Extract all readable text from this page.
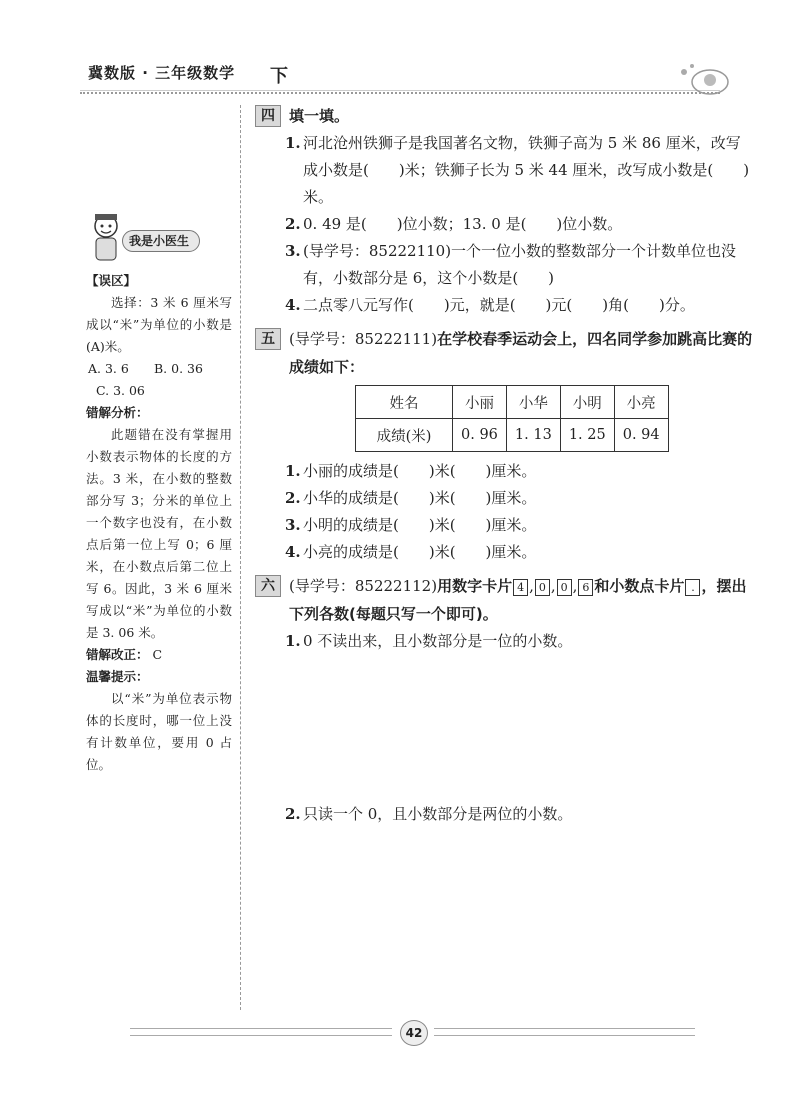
冀数版 · 三年级数学 下
我是小医生
【误区】
选择：3 米 6 厘米写成以“米”为单位的小数是(A)米。
A. 3. 6 B. 0. 36
C. 3. 06
错解分析：
此题错在没有掌握用小数表示物体的长度的方法。3 米，在小数的整数部分写 3；分米的单位上一个数字也没有，在小数点后第一位上写 0；6 厘米，在小数点后第二位上写 6。因此，3 米 6 厘米写成以“米”为单位的小数是 3. 06 米。
错解改正： C
温馨提示：
以“米”为单位表示物体的长度时，哪一位上没有计数单位，要用 0 占位。
四 填一填。
1. 河北沧州铁狮子是我国著名文物，铁狮子高为 5 米 86 厘米，改写成小数是(　　)米；铁狮子长为 5 米 44 厘米，改写成小数是(　　)米。
2. 0. 49 是(　　)位小数；13. 0 是(　　)位小数。
3. (导学号：85222110)一个一位小数的整数部分一个计数单位也没有，小数部分是 6，这个小数是(　　)
4. 二点零八元写作(　　)元，就是(　　)元(　　)角(　　)分。
五 (导学号：85222111)在学校春季运动会上，四名同学参加跳高比赛的成绩如下：
姓名	小丽	小华	小明	小亮
成绩(米)	0. 96	1. 13	1. 25	0. 94
1. 小丽的成绩是(　　)米(　　)厘米。
2. 小华的成绩是(　　)米(　　)厘米。
3. 小明的成绩是(　　)米(　　)厘米。
4. 小亮的成绩是(　　)米(　　)厘米。
六 (导学号：85222112)用数字卡片 4 , 0 , 0 , 6 和小数点卡片 . ，摆出下列各数(每题只写一个即可)。
1. 0 不读出来，且小数部分是一位的小数。
2. 只读一个 0，且小数部分是两位的小数。
42
